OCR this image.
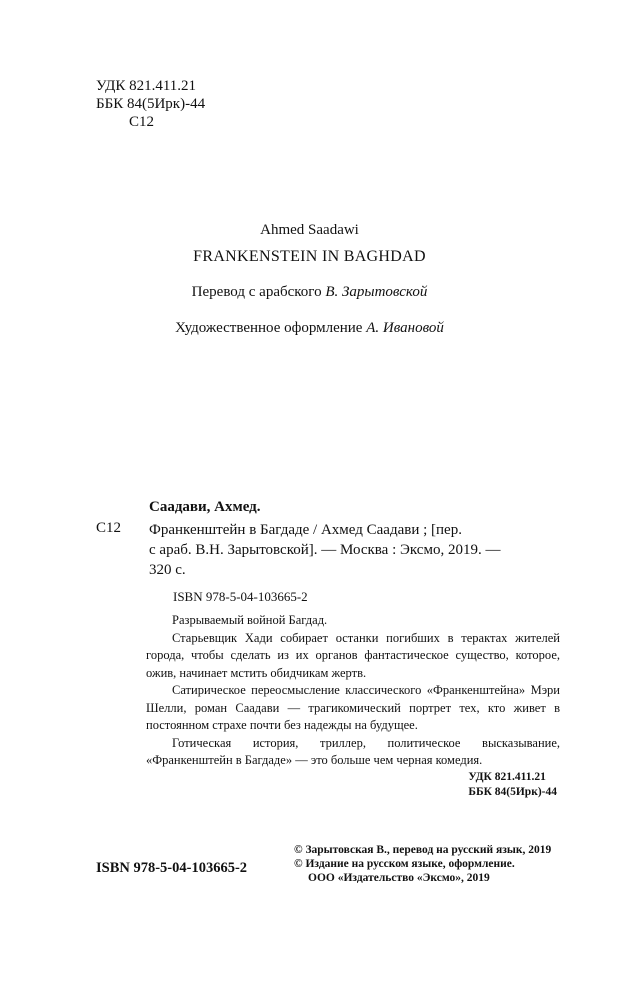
УДК 821.411.21
ББК 84(5Ирк)-44
С12
Ahmed Saadawi
FRANKENSTEIN IN BAGHDAD
Перевод с арабского В. Зарытовской
Художественное оформление А. Ивановой
Саадави, Ахмед.
С12 Франкенштейн в Багдаде / Ахмед Саадави ; [пер.
с араб. В.Н. Зарытовской]. — Москва : Эксмо, 2019. —
320 с.
ISBN 978-5-04-103665-2

Разрываемый войной Багдад.

Старьевщик Хади собирает останки погибших в терактах жителей города, чтобы сделать из их органов фантастическое существо, которое, ожив, начинает мстить обидчикам жертв.

Сатирическое переосмысление классического «Франкенштейна» Мэри Шелли, роман Саадави — трагикомический портрет тех, кто живет в постоянном страхе почти без надежды на будущее.

Готическая история, триллер, политическое высказывание, «Франкенштейн в Багдаде» — это больше чем черная комедия.

УДК 821.411.21
ББК 84(5Ирк)-44
© Зарытовская В., перевод на русский язык, 2019
© Издание на русском языке, оформление.
ООО «Издательство «Эксмо», 2019
ISBN 978-5-04-103665-2
